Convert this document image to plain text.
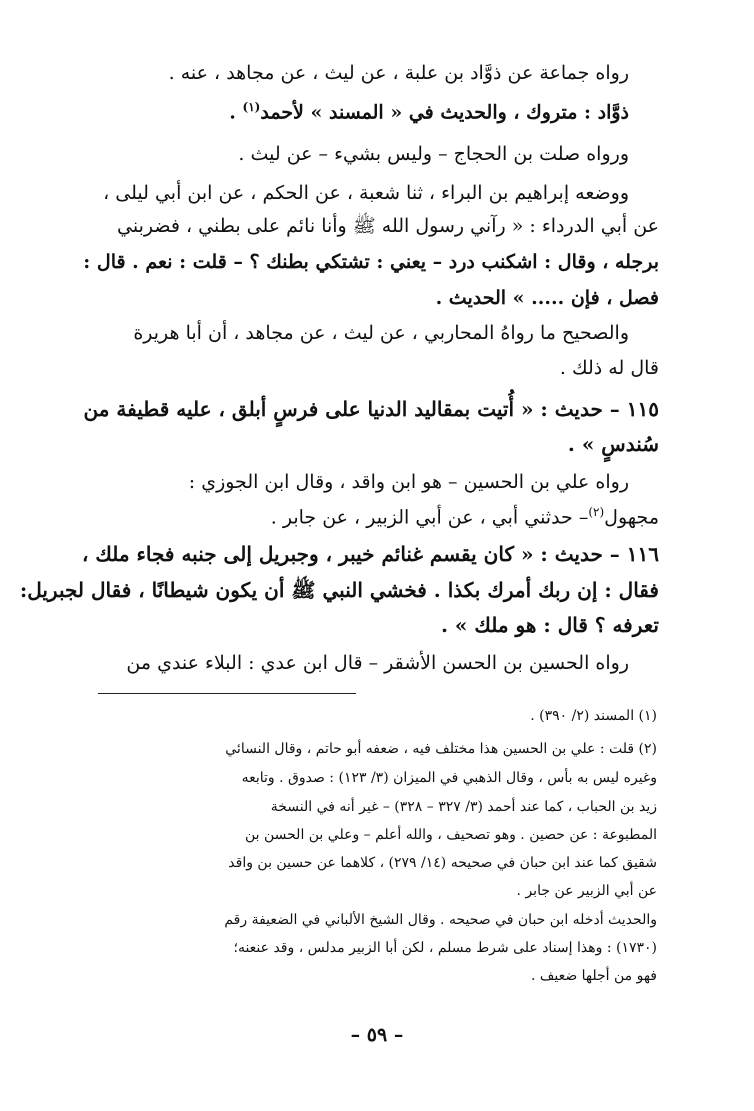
رواه جماعة عن ذوَّاد بن علبة ، عن ليث ، عن مجاهد ، عنه .
ذوَّاد : متروك ، والحديث في « المسند » لأحمد$^{(١)}$ .
ورواه صلت بن الحجاج – وليس بشيء – عن ليث .
ووضعه إبراهيم بن البراء ، ثنا شعبة ، عن الحكم ، عن ابن أبي ليلى ،
عن أبي الدرداء : « رآني رسول الله ﷺ وأنا نائم على بطني ، فضربني
برجله ، وقال : اشكنب درد – يعني : تشتكي بطنك ؟ – قلت : نعم . قال :
فصل ، فإن ..... » الحديث .
والصحيح ما رواهُ المحاربي ، عن ليث ، عن مجاهد ، أن أبا هريرة
قال له ذلك .
١١٥ – حديث : « أُتيت بمقاليد الدنيا على فرسٍ أبلق ، عليه قطيفة من
سُندسٍ » .
رواه علي بن الحسين – هو ابن واقد ، وقال ابن الجوزي :
مجهول$^{(٢)}$– حدثني أبي ، عن أبي الزبير ، عن جابر .
١١٦ – حديث : « كان يقسم غنائم خيبر ، وجبريل إلى جنبه فجاء ملك ،
فقال : إن ربك أمرك بكذا . فخشي النبي ﷺ أن يكون شيطانًا ، فقال لجبريل:
تعرفه ؟ قال : هو ملك » .
رواه الحسين بن الحسن الأشقر – قال ابن عدي : البلاء عندي من
(١) المسند (٢/ ٣٩٠) .
(٢) قلت : علي بن الحسين هذا مختلف فيه ، ضعفه أبو حاتم ، وقال النسائي
وغيره ليس به بأس ، وقال الذهبي في الميزان (٣/ ١٢٣) : صدوق . وتابعه
زيد بن الحباب ، كما عند أحمد (٣/ ٣٢٧ – ٣٢٨) – غير أنه في النسخة
المطبوعة : عن حصين . وهو تصحيف ، والله أعلم – وعلي بن الحسن بن
شقيق كما عند ابن حبان في صحيحه (١٤/ ٢٧٩) ، كلاهما عن حسين بن واقد
عن أبي الزبير عن جابر .
والحديث أدخله ابن حبان في صحيحه . وقال الشيخ الألباني في الضعيفة رقم
(١٧٣٠) : وهذا إسناد على شرط مسلم ، لكن أبا الزبير مدلس ، وقد عنعنه؛
فهو من أجلها ضعيف .
– ٥٩ –
